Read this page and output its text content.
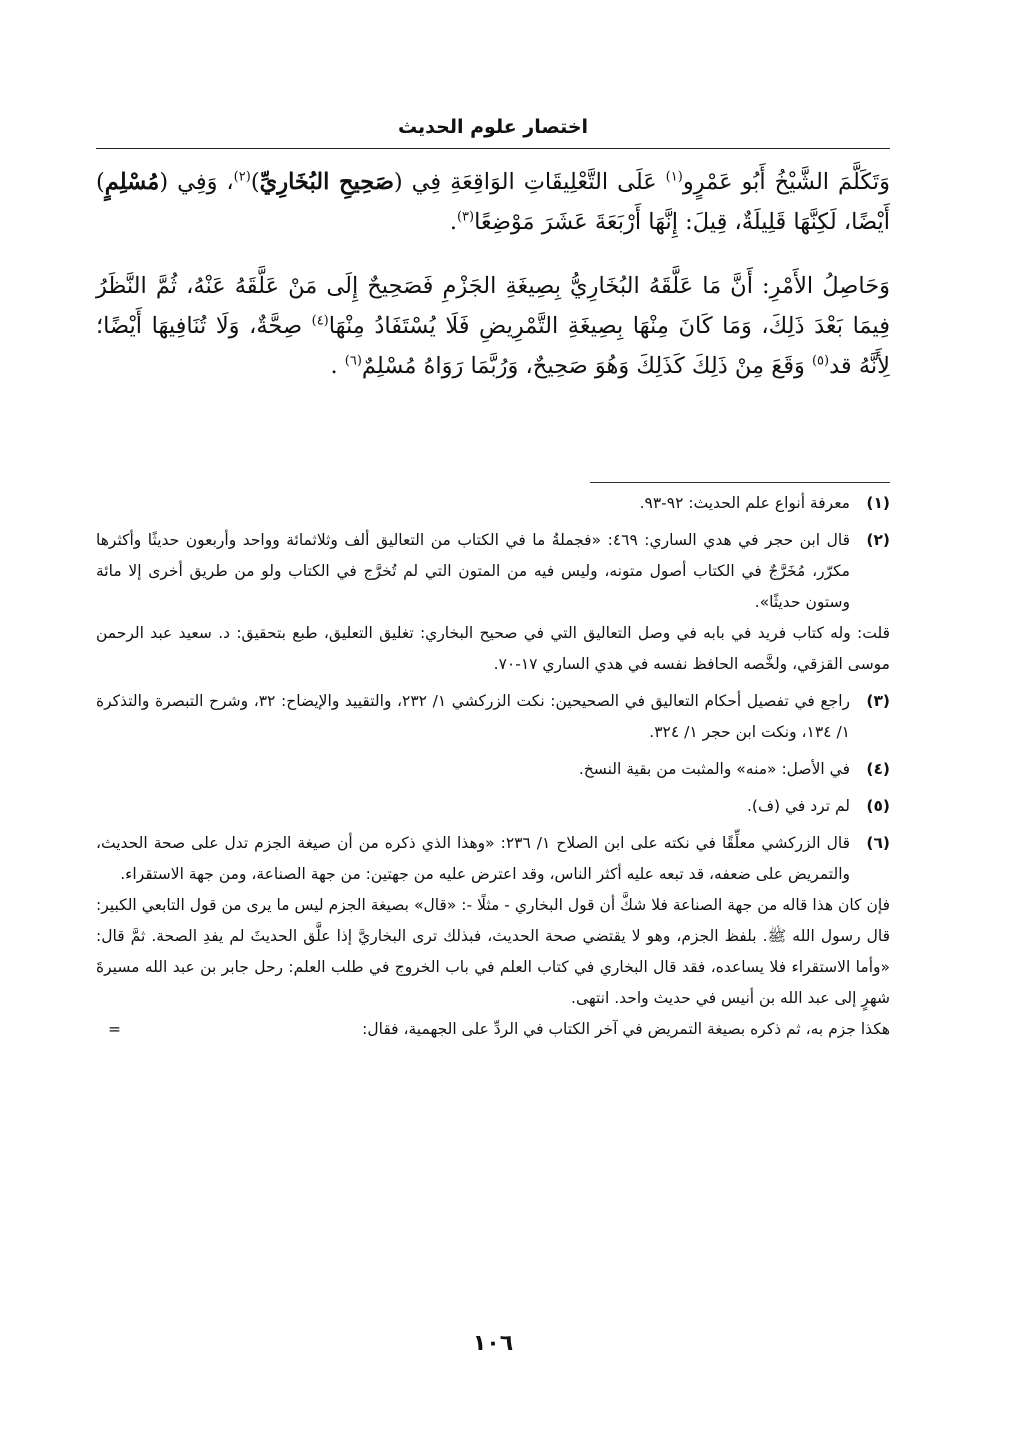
اختصار علوم الحديث

وَتَكَلَّمَ الشَّيْخُ أَبُو عَمْرٍو$^{(١)}$ عَلَى التَّعْلِيقَاتِ الوَاقِعَةِ فِي (صَحِيحِ البُخَارِيِّ)$^{(٢)}$، وَفِي (مُسْلِمٍ) أَيْضًا، لَكِنَّهَا قَلِيلَةٌ، قِيلَ: إِنَّهَا أَرْبَعَةَ عَشَرَ مَوْضِعًا$^{(٣)}$.

وَحَاصِلُ الأَمْرِ: أَنَّ مَا عَلَّقَهُ البُخَارِيُّ بِصِيغَةِ الجَزْمِ فَصَحِيحٌ إِلَى مَنْ عَلَّقَهُ عَنْهُ، ثُمَّ النَّظَرُ فِيمَا بَعْدَ ذَلِكَ، وَمَا كَانَ مِنْهَا بِصِيغَةِ التَّمْرِيضِ فَلَا يُسْتَفَادُ مِنْهَا$^{(٤)}$ صِحَّةٌ، وَلَا تُنَافِيهَا أَيْضًا؛ لِأَنَّهُ قد$^{(٥)}$ وَقَعَ مِنْ ذَلِكَ كَذَلِكَ وَهُوَ صَحِيحٌ، وَرُبَّمَا رَوَاهُ مُسْلِمٌ$^{(٦)}$ .

(١)

معرفة أنواع علم الحديث: ٩٢-٩٣.

(٢)

قال ابن حجر في هدي الساري: ٤٦٩: «فجملةُ ما في الكتاب من التعاليق ألف وثلاثمائة وواحد وأربعون حديثًا وأكثرها مكرّر، مُخَرَّجٌ في الكتاب أصول متونه، وليس فيه من المتون التي لم تُخرَّج في الكتاب ولو من طريق أخرى إلا مائة وستون حديثًا».

قلت: وله كتاب فريد في بابه في وصل التعاليق التي في صحيح البخاري: تغليق التعليق، طبع بتحقيق: د. سعيد عبد الرحمن موسى القزقي، ولخَّصه الحافظ نفسه في هدي الساري ١٧-٧٠.

(٣)

راجع في تفصيل أحكام التعاليق في الصحيحين: نكت الزركشي ١/ ٢٣٢، والتقييد والإيضاح: ٣٢، وشرح التبصرة والتذكرة ١/ ١٣٤، ونكت ابن حجر ١/ ٣٢٤.

(٤)

في الأصل: «منه» والمثبت من بقية النسخ.

(٥)

لم ترد في (ف).

(٦)

قال الزركشي معلِّقًا في نكته على ابن الصلاح ١/ ٢٣٦: «وهذا الذي ذكره من أن صيغة الجزم تدل على صحة الحديث، والتمريض على ضعفه، قد تبعه عليه أكثر الناس، وقد اعترض عليه من جهتين: من جهة الصناعة، ومن جهة الاستقراء.

فإن كان هذا قاله من جهة الصناعة فلا شكَّ أن قول البخاري - مثلًا -: «قال» بصيغة الجزم ليس ما يرى من قول التابعي الكبير: قال رسول الله ﷺ. بلفظ الجزم، وهو لا يقتضي صحة الحديث، فبذلك ترى البخاريَّ إذا علَّق الحديثَ لم يفدِ الصحة. ثمَّ قال: «وأما الاستقراء فلا يساعده، فقد قال البخاري في كتاب العلم في باب الخروج في طلب العلم: رحل جابر بن عبد الله مسيرةَ شهرٍ إلى عبد الله بن أنيس في حديث واحد. انتهى.

هكذا جزم به، ثم ذكره بصيغة التمريض في آخر الكتاب في الردِّ على الجهمية، فقال:
=
١٠٦
